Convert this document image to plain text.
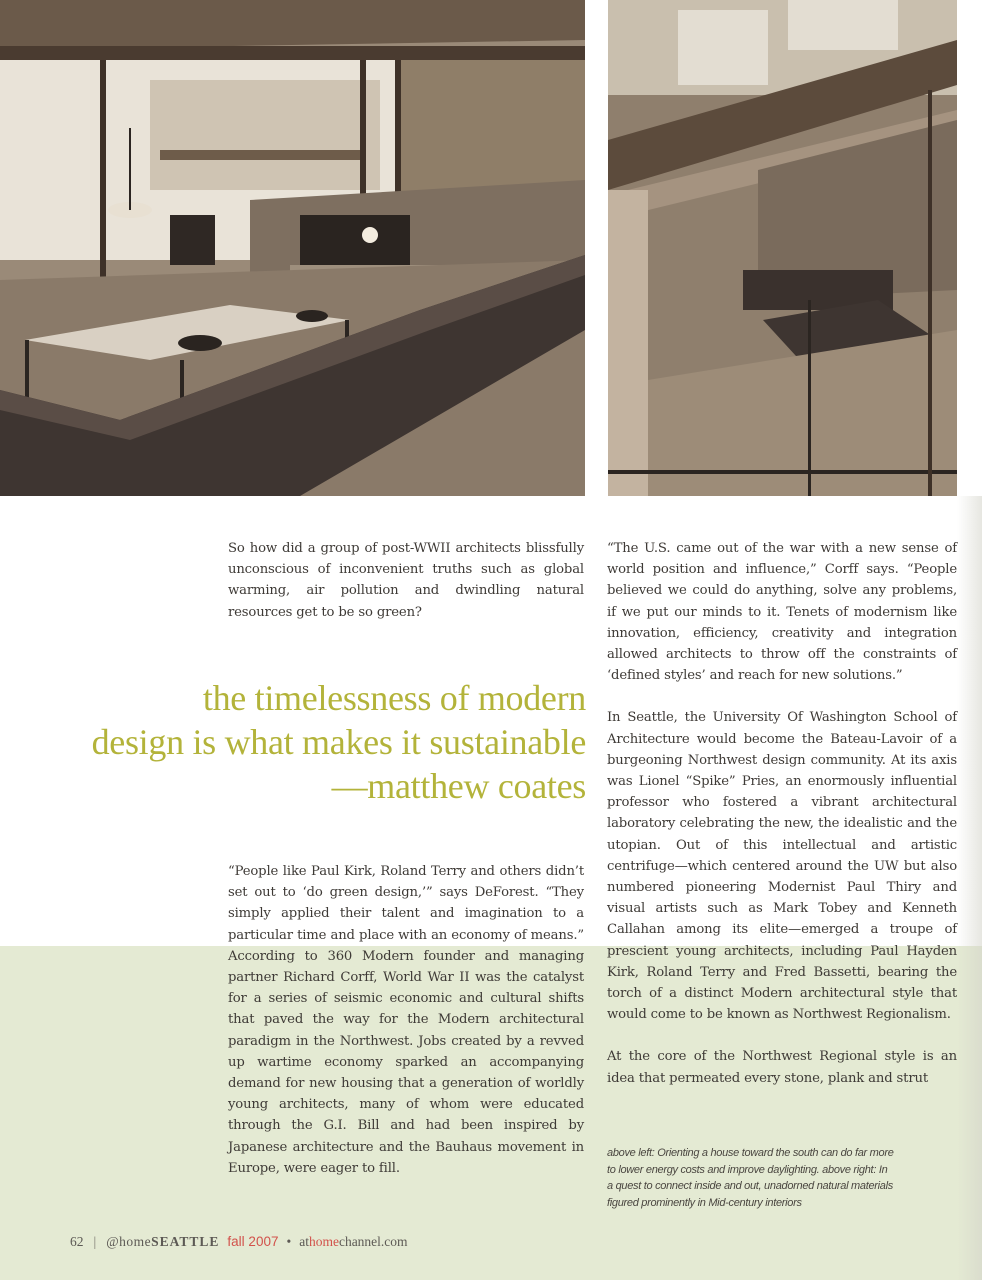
So how did a group of post-WWII architects blissfully unconscious of inconvenient truths such as global warming, air pollution and dwindling natural resources get to be so green?

the timelessness of modern
design is what makes it sustainable
—matthew coates

“People like Paul Kirk, Roland Terry and others didn’t set out to ‘do green design,’” says DeForest. “They simply applied their talent and imagination to a particular time and place with an economy of means.” According to 360 Modern founder and managing partner Richard Corff, World War II was the catalyst for a series of seismic economic and cultural shifts that paved the way for the Modern architectural paradigm in the Northwest. Jobs created by a revved up wartime economy sparked an accompanying demand for new housing that a generation of worldly young architects, many of whom were educated through the G.I. Bill and had been inspired by Japanese architecture and the Bauhaus movement in Europe, were eager to fill.

“The U.S. came out of the war with a new sense of world position and influence,” Corff says. “People believed we could do anything, solve any problems, if we put our minds to it. Tenets of modernism like innovation, efficiency, creativity and integration allowed architects to throw off the constraints of ‘defined styles’ and reach for new solutions.”

In Seattle, the University Of Washington School of Architecture would become the Bateau-Lavoir of a burgeoning Northwest design community. At its axis was Lionel “Spike” Pries, an enormously influential professor who fostered a vibrant architectural laboratory celebrating the new, the idealistic and the utopian. Out of this intellectual and artistic centrifuge—which centered around the UW but also numbered pioneering Modernist Paul Thiry and visual artists such as Mark Tobey and Kenneth Callahan among its elite—emerged a troupe of prescient young architects, including Paul Hayden Kirk, Roland Terry and Fred Bassetti, bearing the torch of a distinct Modern architectural style that would come to be known as Northwest Regionalism.

At the core of the Northwest Regional style is an idea that permeated every stone, plank and strut

above left: Orienting a house toward the south can do far more
to lower energy costs and improve daylighting. above right: In
a quest to connect inside and out, unadorned natural materials
figured prominently in Mid-century interiors
62 | @home SEATTLE fall 2007 • at home channel.com
